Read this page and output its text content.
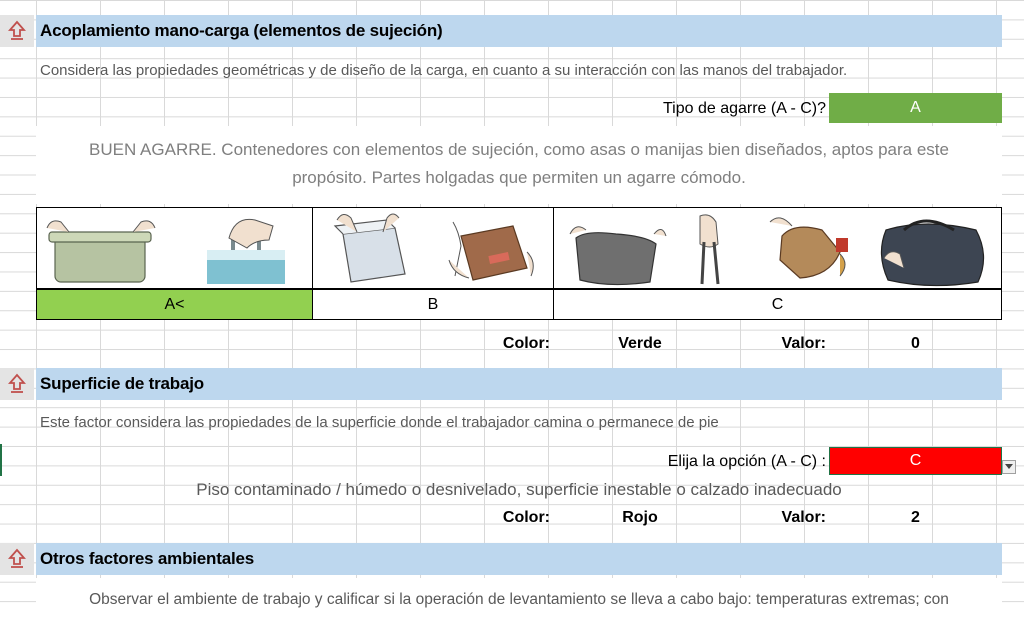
Acoplamiento mano-carga (elementos de sujeción)
Considera las propiedades geométricas y de diseño de la carga, en cuanto a su interacción con las manos del trabajador.
Tipo de agarre (A - C)?	A
BUEN AGARRE. Contenedores con elementos de sujeción, como asas o manijas bien diseñados, aptos para este
propósito. Partes holgadas que permiten un agarre cómodo.
A<	B	C
Color:	Verde	Valor:	0
Superficie de trabajo
Este factor considera las propiedades de la superficie donde el trabajador camina o permanece de pie
Elija la opción (A - C) :	C
Piso contaminado / húmedo o desnivelado, superficie inestable o calzado inadecuado
Color:	Rojo	Valor:	2
Otros factores ambientales
Observar el ambiente de trabajo y calificar si la operación de levantamiento se lleva a cabo bajo: temperaturas extremas; con
